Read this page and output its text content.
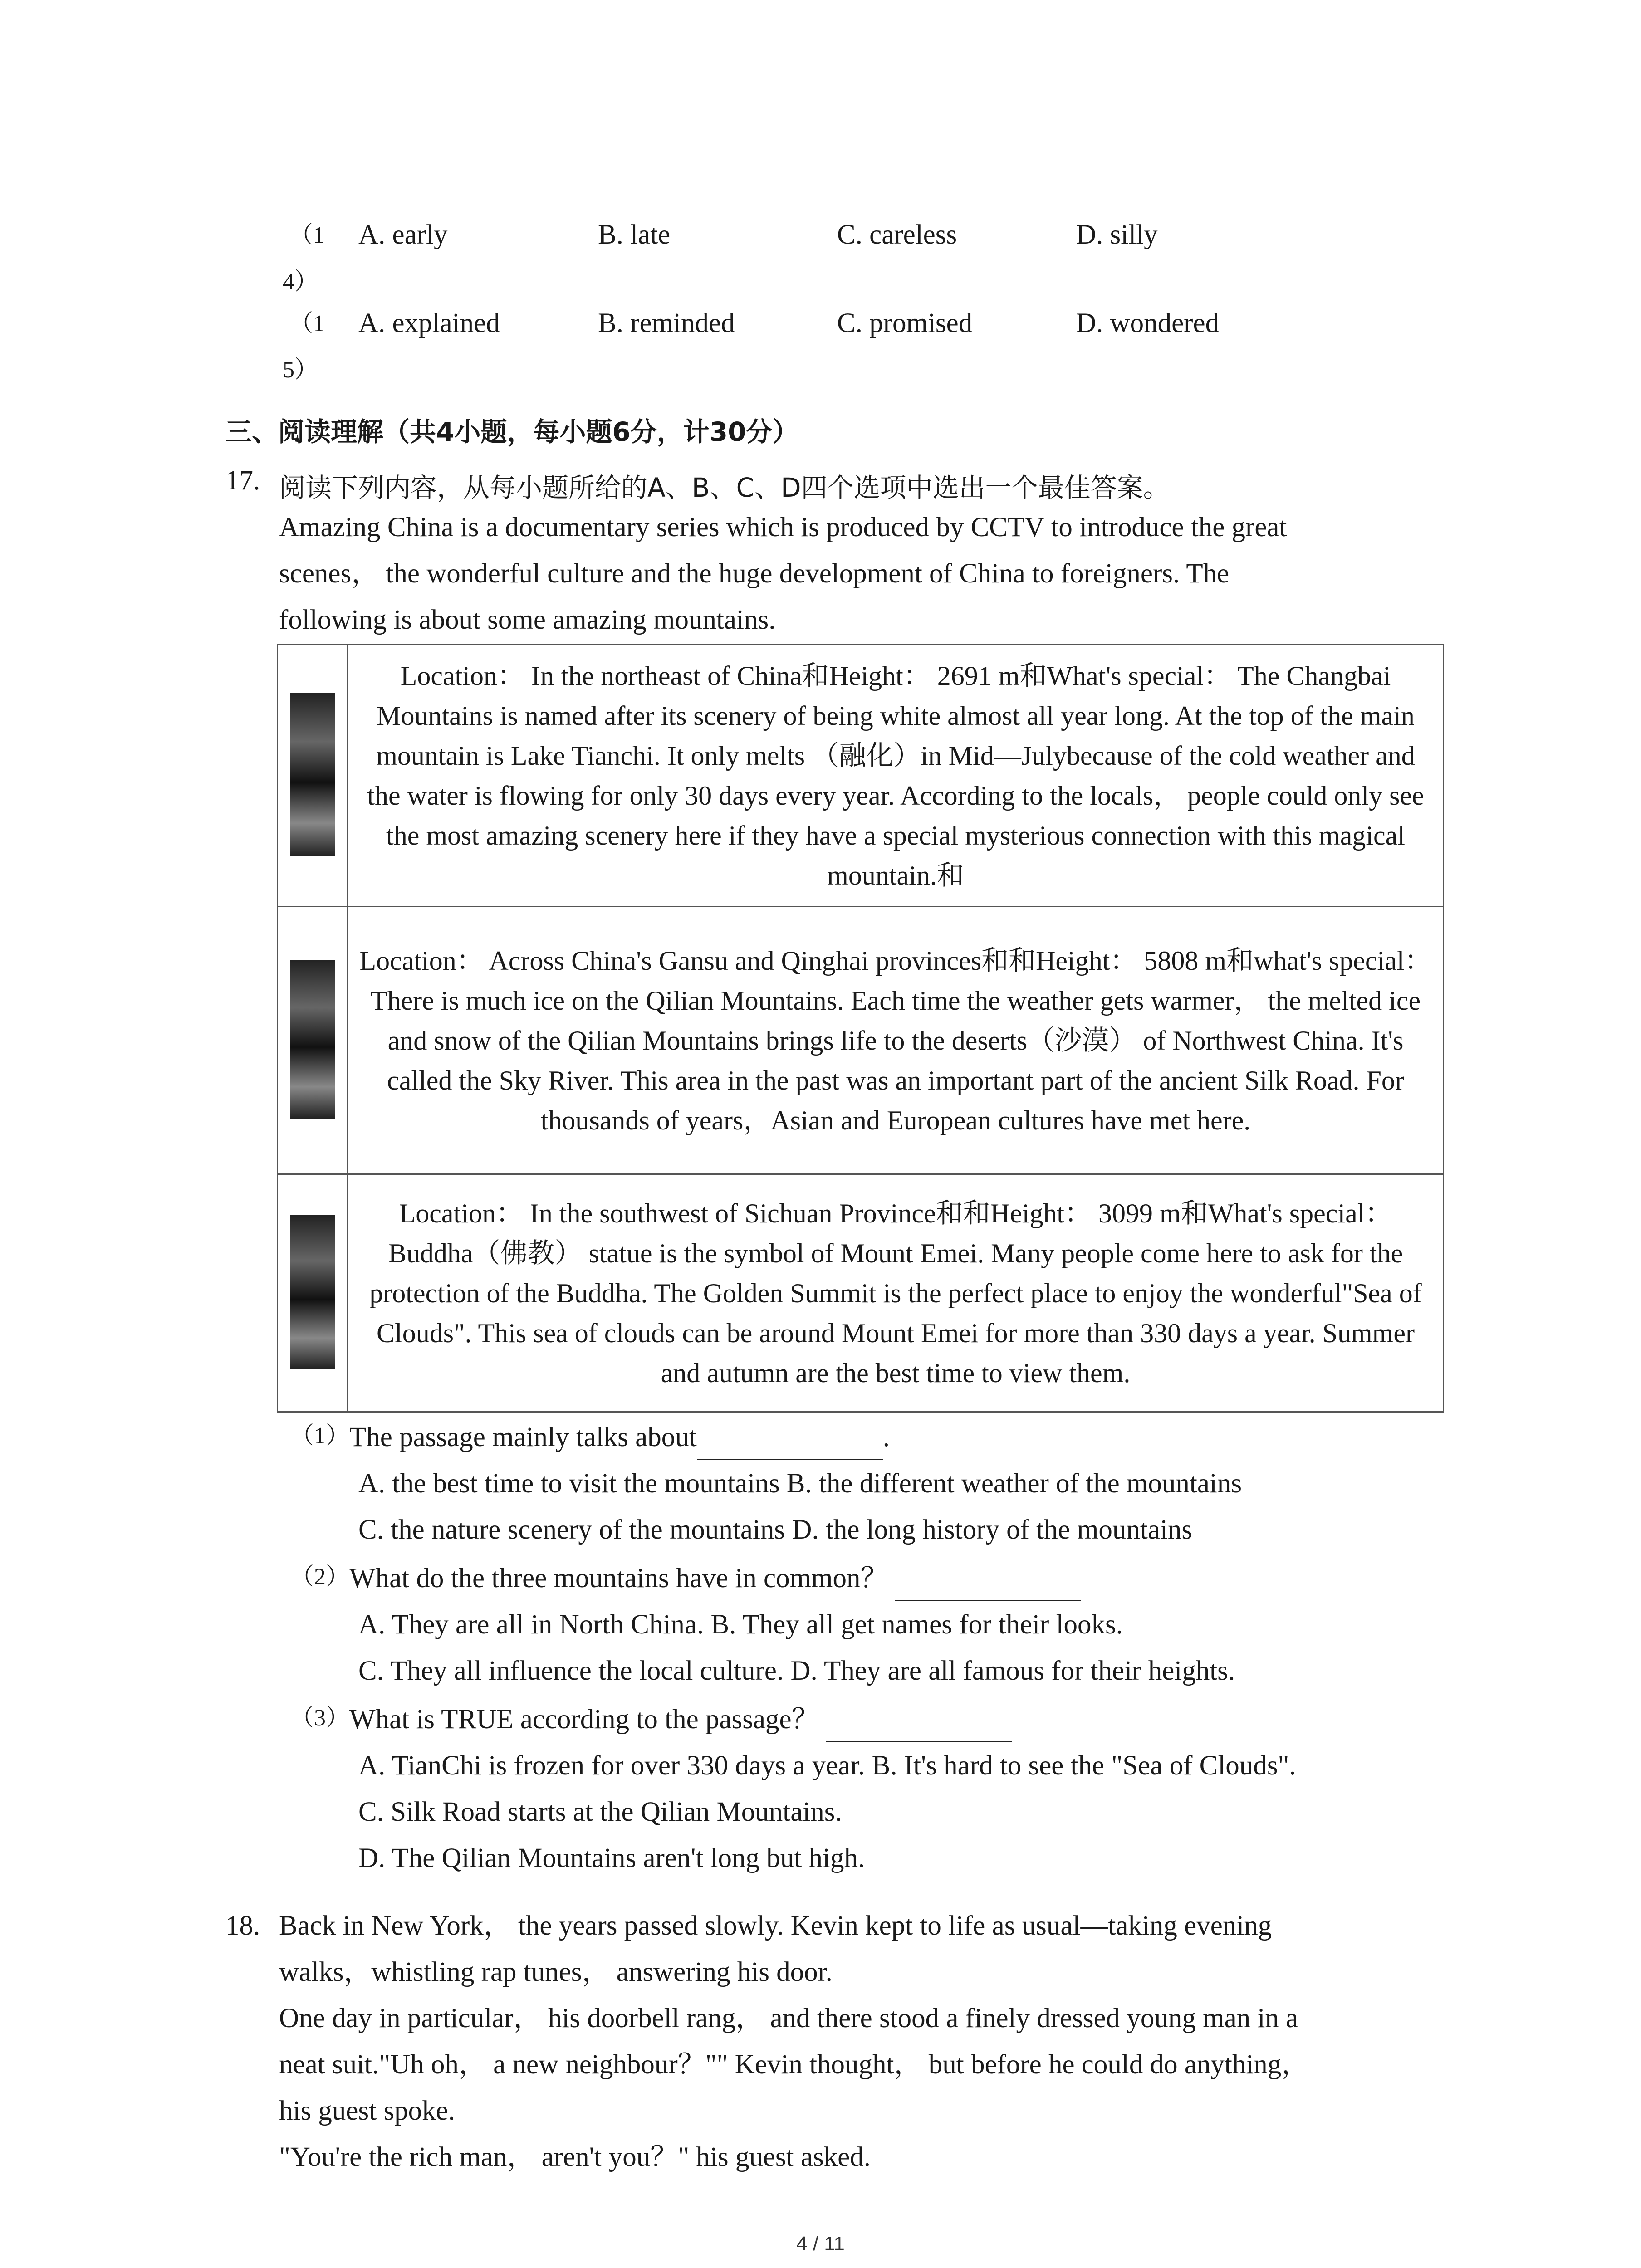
（1
4）
A. early	B. late	C. careless	D. silly
（1
5）
A. explained	B. reminded	C. promised	D. wondered
三、阅读理解（共4小题，每小题6分，计30分）
17. 阅读下列内容，从每小题所给的A、B、C、D四个选项中选出一个最佳答案。
Amazing China is a documentary series which is produced by CCTV to introduce the great
scenes， the wonderful culture and the huge development of China to foreigners. The
following is about some amazing mountains.
	Location： In the northeast of China和Height： 2691 m和What's special： The Changbai Mountains is named after its scenery of being white almost all year long. At the top of the main mountain is Lake Tianchi. It only melts （融化）in Mid—Julybecause of the cold weather and the water is flowing for only 30 days every year. According to the locals， people could only see the most amazing scenery here if they have a special mysterious connection with this magical mountain.和
	Location： Across China's Gansu and Qinghai provinces和和Height： 5808 m和what's special： There is much ice on the Qilian Mountains. Each time the weather gets warmer， the melted ice and snow of the Qilian Mountains brings life to the deserts（沙漠） of Northwest China. It's called the Sky River. This area in the past was an important part of the ancient Silk Road. For thousands of years，Asian and European cultures have met here.
	Location： In the southwest of Sichuan Province和和Height： 3099 m和What's special： Buddha（佛教） statue is the symbol of Mount Emei. Many people come here to ask for the protection of the Buddha. The Golden Summit is the perfect place to enjoy the wonderful"Sea of Clouds". This sea of clouds can be around Mount Emei for more than 330 days a year. Summer and autumn are the best time to view them.
（1） The passage mainly talks about	.
A. the best time to visit the mountains B. the different weather of the mountains
C. the nature scenery of the mountains D. the long history of the mountains
（2） What do the three mountains have in common？
A. They are all in North China. B. They all get names for their looks.
C. They all influence the local culture. D. They are all famous for their heights.
（3） What is TRUE according to the passage？
A. TianChi is frozen for over 330 days a year. B. It's hard to see the "Sea of Clouds".
C. Silk Road starts at the Qilian Mountains.
D. The Qilian Mountains aren't long but high.
18. Back in New York， the years passed slowly. Kevin kept to life as usual—taking evening
walks，whistling rap tunes， answering his door.
One day in particular， his doorbell rang， and there stood a finely dressed young man in a
neat suit."Uh oh， a new neighbour？"" Kevin thought， but before he could do anything，
his guest spoke.
"You're the rich man， aren't you？" his guest asked.
4 / 11
